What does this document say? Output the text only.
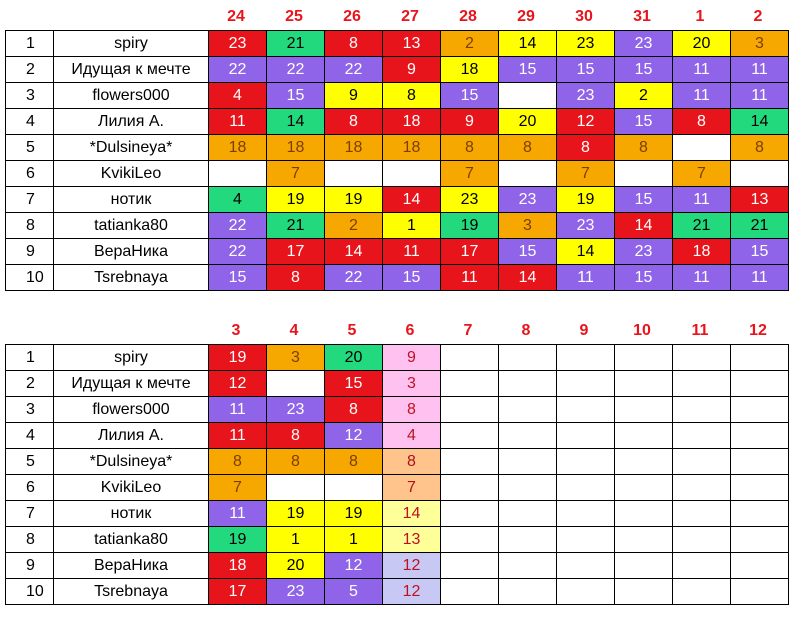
24	25	26	27	28	29	30	31	1	2
1	spiry	23	21	8	13	2	14	23	23	20	3
2	Идущая к мечте	22	22	22	9	18	15	15	15	11	11
3	flowers000	4	15	9	8	15		23	2	11	11
4	Лилия А.	11	14	8	18	9	20	12	15	8	14
5	*Dulsineya*	18	18	18	18	8	8	8	8		8
6	KvikiLeo		7			7		7		7	
7	нотик	4	19	19	14	23	23	19	15	11	13
8	tatianka80	22	21	2	1	19	3	23	14	21	21
9	ВераНика	22	17	14	11	17	15	14	23	18	15
10	Tsrebnaya	15	8	22	15	11	14	11	15	11	11
3	4	5	6	7	8	9	10	11	12
1	spiry	19	3	20	9						
2	Идущая к мечте	12		15	3						
3	flowers000	11	23	8	8						
4	Лилия А.	11	8	12	4						
5	*Dulsineya*	8	8	8	8						
6	KvikiLeo	7			7						
7	нотик	11	19	19	14						
8	tatianka80	19	1	1	13						
9	ВераНика	18	20	12	12						
10	Tsrebnaya	17	23	5	12						
